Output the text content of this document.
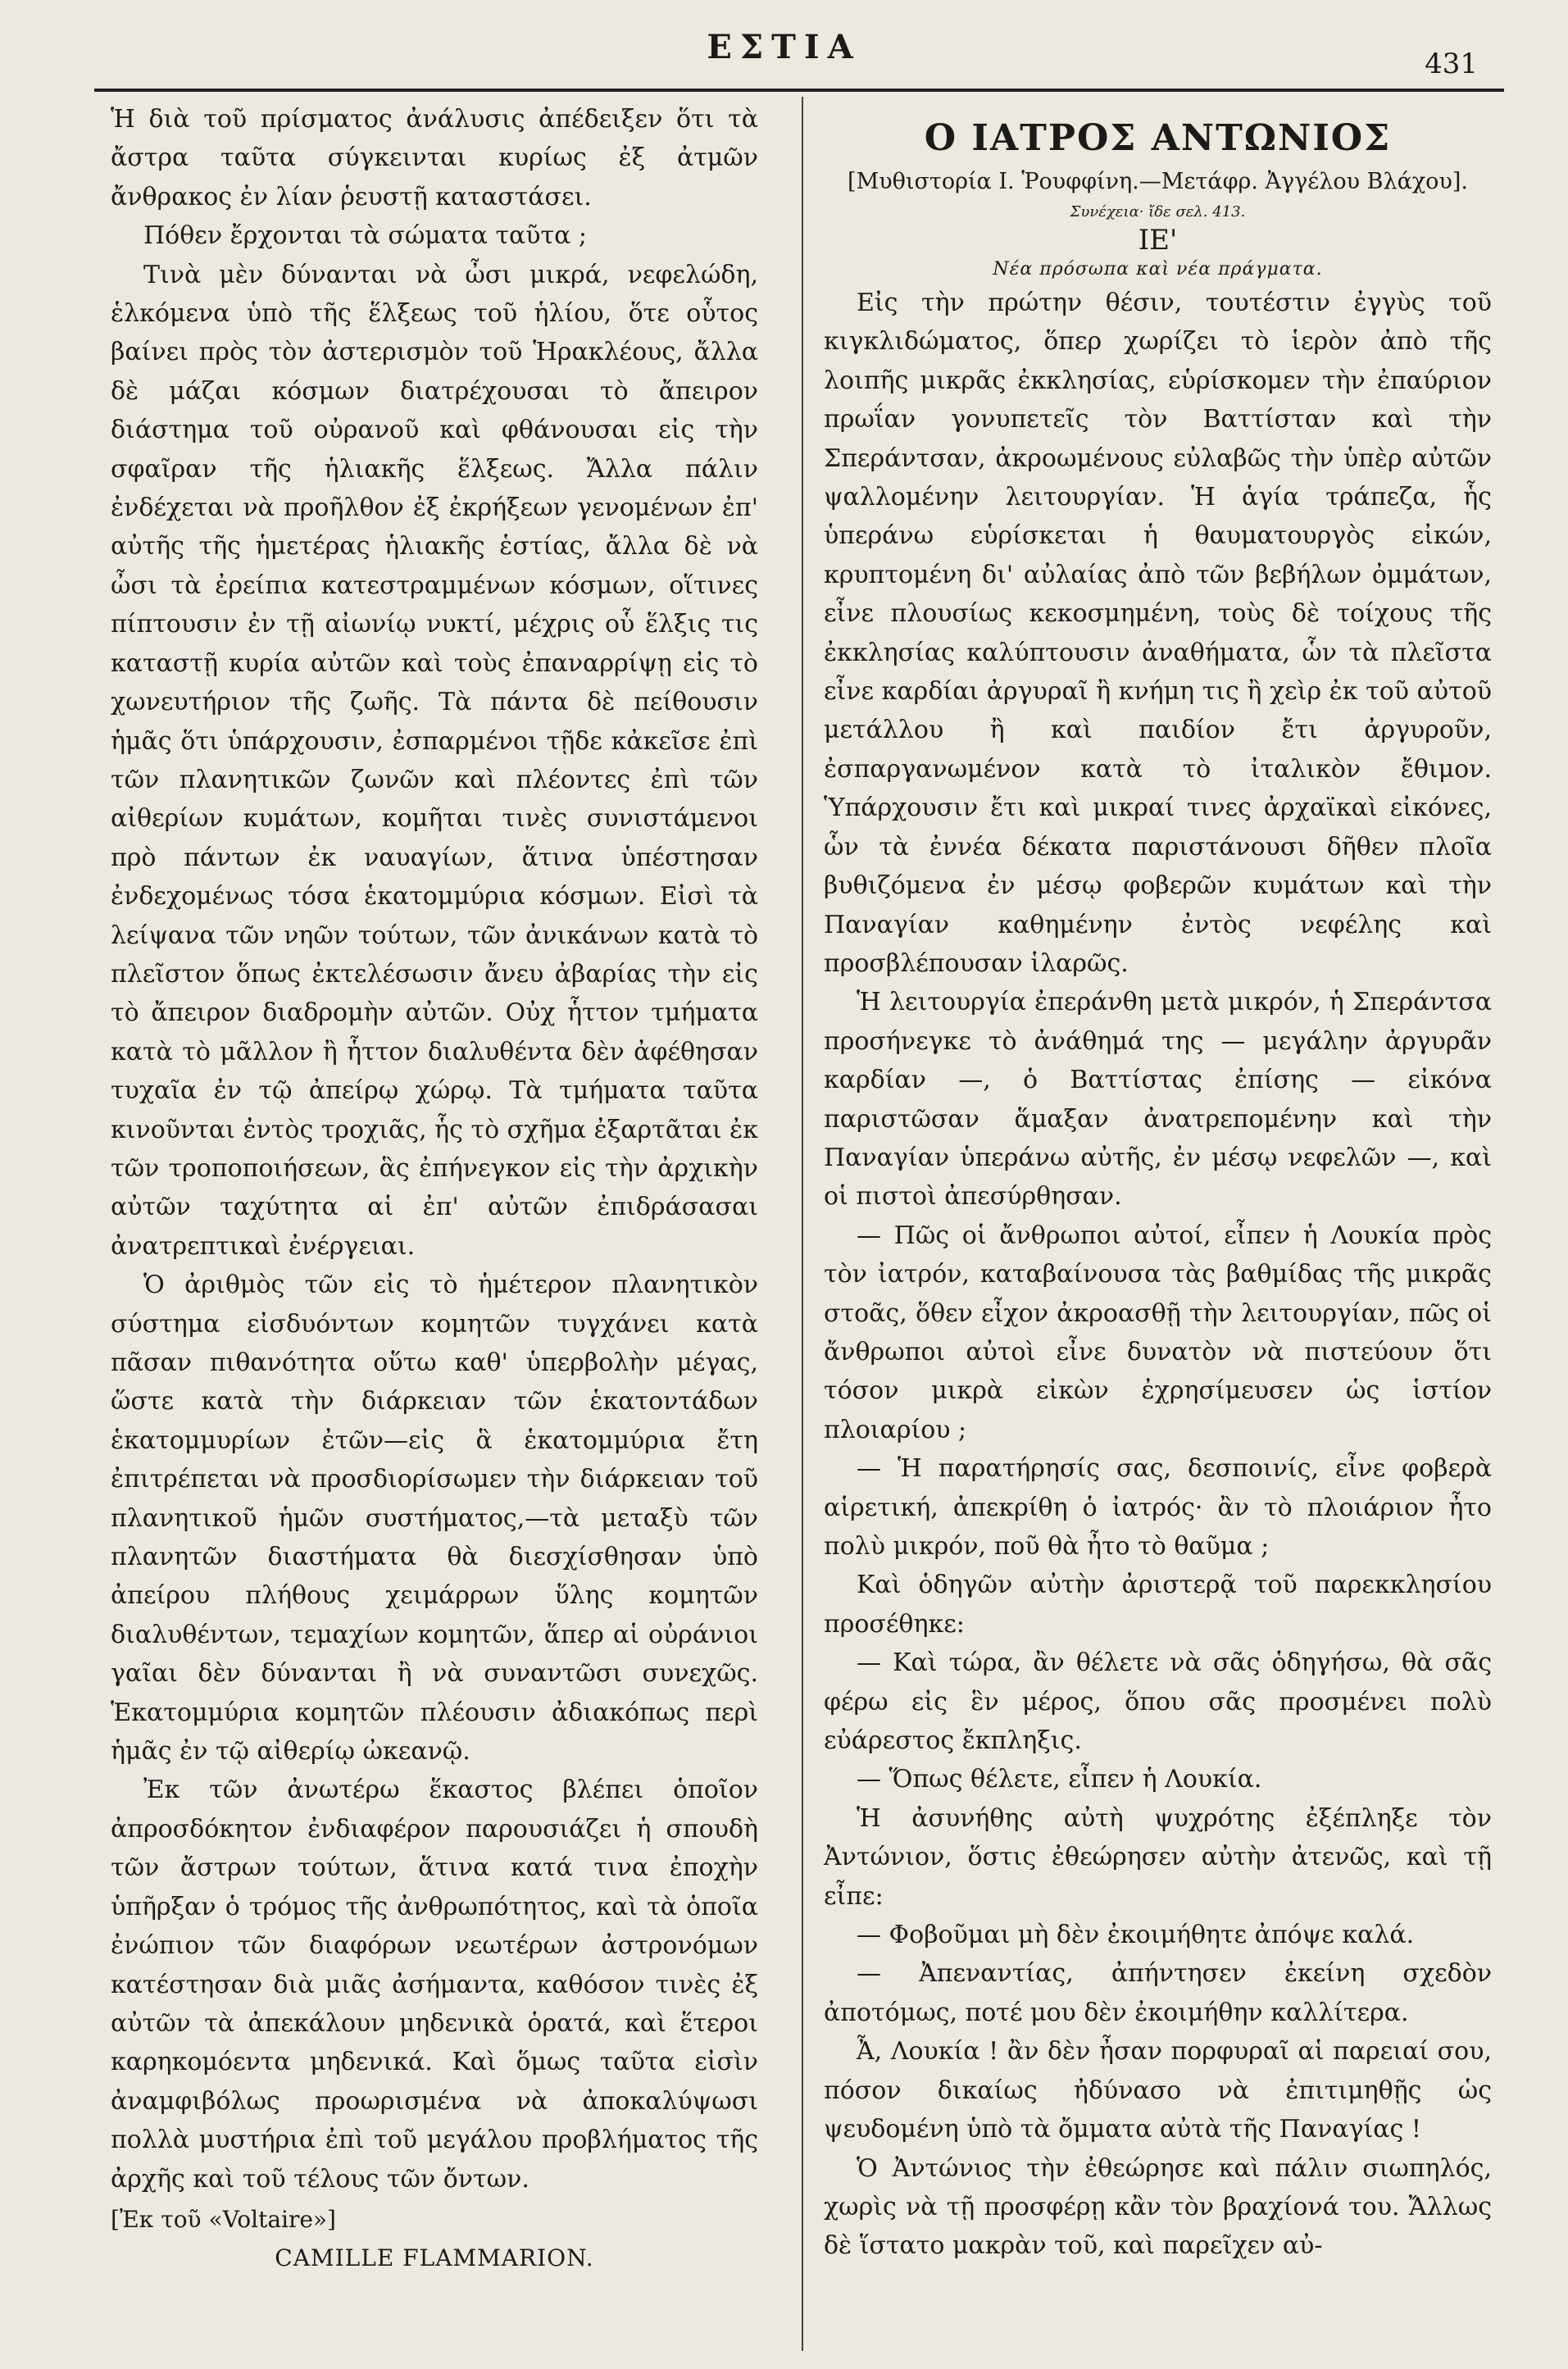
ΕΣΤΙΑ	431

Ἡ διὰ τοῦ πρίσματος ἀνάλυσις ἀπέδειξεν ὅτι τὰ ἄστρα ταῦτα σύγκεινται κυρίως ἐξ ἀτμῶν ἄνθρακος ἐν λίαν ῥευστῇ καταστάσει.

Πόθεν ἔρχονται τὰ σώματα ταῦτα ;

Τινὰ μὲν δύνανται νὰ ὦσι μικρά, νεφελώδη, ἑλκόμενα ὑπὸ τῆς ἕλξεως τοῦ ἡλίου, ὅτε οὗτος βαίνει πρὸς τὸν ἀστερισμὸν τοῦ Ἡρακλέους, ἄλλα δὲ μάζαι κόσμων διατρέχουσαι τὸ ἄπειρον διάστημα τοῦ οὐρανοῦ καὶ φθάνουσαι εἰς τὴν σφαῖραν τῆς ἡλιακῆς ἕλξεως. Ἄλλα πάλιν ἐνδέχεται νὰ προῆλθον ἐξ ἐκρήξεων γενομένων ἐπ' αὐτῆς τῆς ἡμετέρας ἡλιακῆς ἑστίας, ἄλλα δὲ νὰ ὦσι τὰ ἐρείπια κατεστραμμένων κόσμων, οἵτινες πίπτουσιν ἐν τῇ αἰωνίῳ νυκτί, μέχρις οὗ ἕλξις τις καταστῇ κυρία αὐτῶν καὶ τοὺς ἐπαναρρίψῃ εἰς τὸ χωνευτήριον τῆς ζωῆς. Τὰ πάντα δὲ πείθουσιν ἡμᾶς ὅτι ὑπάρχουσιν, ἐσπαρμένοι τῇδε κἀκεῖσε ἐπὶ τῶν πλανητικῶν ζωνῶν καὶ πλέοντες ἐπὶ τῶν αἰθερίων κυμάτων, κομῆται τινὲς συνιστάμενοι πρὸ πάντων ἐκ ναυαγίων, ἅτινα ὑπέστησαν ἐνδεχομένως τόσα ἑκατομμύρια κόσμων. Εἰσὶ τὰ λείψανα τῶν νηῶν τούτων, τῶν ἀνικάνων κατὰ τὸ πλεῖστον ὅπως ἐκτελέσωσιν ἄνευ ἀβαρίας τὴν εἰς τὸ ἄπειρον διαδρομὴν αὐτῶν. Οὐχ ἧττον τμήματα κατὰ τὸ μᾶλλον ἢ ἧττον διαλυθέντα δὲν ἀφέθησαν τυχαῖα ἐν τῷ ἀπείρῳ χώρῳ. Τὰ τμήματα ταῦτα κινοῦνται ἐντὸς τροχιᾶς, ἧς τὸ σχῆμα ἐξαρτᾶται ἐκ τῶν τροποποιήσεων, ἃς ἐπήνεγκον εἰς τὴν ἀρχικὴν αὐτῶν ταχύτητα αἱ ἐπ' αὐτῶν ἐπιδράσασαι ἀνατρεπτικαὶ ἐνέργειαι.

Ὁ ἀριθμὸς τῶν εἰς τὸ ἡμέτερον πλανητικὸν σύστημα εἰσδυόντων κομητῶν τυγχάνει κατὰ πᾶσαν πιθανότητα οὕτω καθ' ὑπερβολὴν μέγας, ὥστε κατὰ τὴν διάρκειαν τῶν ἑκατοντάδων ἑκατομμυρίων ἐτῶν—εἰς ἃ ἑκατομμύρια ἔτη ἐπιτρέπεται νὰ προσδιορίσωμεν τὴν διάρκειαν τοῦ πλανητικοῦ ἡμῶν συστήματος,—τὰ μεταξὺ τῶν πλανητῶν διαστήματα θὰ διεσχίσθησαν ὑπὸ ἀπείρου πλήθους χειμάρρων ὕλης κομητῶν διαλυθέντων, τεμαχίων κομητῶν, ἅπερ αἱ οὐράνιοι γαῖαι δὲν δύνανται ἢ νὰ συναντῶσι συνεχῶς. Ἑκατομμύρια κομητῶν πλέουσιν ἀδιακόπως περὶ ἡμᾶς ἐν τῷ αἰθερίῳ ὠκεανῷ.

Ἐκ τῶν ἀνωτέρω ἕκαστος βλέπει ὁποῖον ἀπροσδόκητον ἐνδιαφέρον παρουσιάζει ἡ σπουδὴ τῶν ἄστρων τούτων, ἅτινα κατά τινα ἐποχὴν ὑπῆρξαν ὁ τρόμος τῆς ἀνθρωπότητος, καὶ τὰ ὁποῖα ἐνώπιον τῶν διαφόρων νεωτέρων ἀστρονόμων κατέστησαν διὰ μιᾶς ἀσήμαντα, καθόσον τινὲς ἐξ αὐτῶν τὰ ἀπεκάλουν μηδενικὰ ὁρατά, καὶ ἕτεροι καρηκομόεντα μηδενικά. Καὶ ὅμως ταῦτα εἰσὶν ἀναμφιβόλως προωρισμένα νὰ ἀποκαλύψωσι πολλὰ μυστήρια ἐπὶ τοῦ μεγάλου προβλήματος τῆς ἀρχῆς καὶ τοῦ τέλους τῶν ὄντων.

[Ἐκ τοῦ «Voltaire»]
CAMILLE FLAMMARION.
Ο ΙΑΤΡΟΣ ΑΝΤΩΝΙΟΣ
[Μυθιστορία Ι. Ῥουφφίνη.—Μετάφρ. Ἀγγέλου Βλάχου].
Συνέχεια· ἴδε σελ. 413.
ΙΕ'
Νέα πρόσωπα καὶ νέα πράγματα.

Εἰς τὴν πρώτην θέσιν, τουτέστιν ἐγγὺς τοῦ κιγκλιδώματος, ὅπερ χωρίζει τὸ ἱερὸν ἀπὸ τῆς λοιπῆς μικρᾶς ἐκκλησίας, εὑρίσκομεν τὴν ἐπαύριον πρωΐαν γονυπετεῖς τὸν Βαττίσταν καὶ τὴν Σπεράντσαν, ἀκροωμένους εὐλαβῶς τὴν ὑπὲρ αὐτῶν ψαλλομένην λειτουργίαν. Ἡ ἁγία τράπεζα, ἧς ὑπεράνω εὑρίσκεται ἡ θαυματουργὸς εἰκών, κρυπτομένη δι' αὐλαίας ἀπὸ τῶν βεβήλων ὀμμάτων, εἶνε πλουσίως κεκοσμημένη, τοὺς δὲ τοίχους τῆς ἐκκλησίας καλύπτουσιν ἀναθήματα, ὧν τὰ πλεῖστα εἶνε καρδίαι ἀργυραῖ ἢ κνήμη τις ἢ χεὶρ ἐκ τοῦ αὐτοῦ μετάλλου ἢ καὶ παιδίον ἔτι ἀργυροῦν, ἐσπαργανωμένον κατὰ τὸ ἰταλικὸν ἔθιμον. Ὑπάρχουσιν ἔτι καὶ μικραί τινες ἀρχαϊκαὶ εἰκόνες, ὧν τὰ ἐννέα δέκατα παριστάνουσι δῆθεν πλοῖα βυθιζόμενα ἐν μέσῳ φοβερῶν κυμάτων καὶ τὴν Παναγίαν καθημένην ἐντὸς νεφέλης καὶ προσβλέπουσαν ἱλαρῶς.

Ἡ λειτουργία ἐπεράνθη μετὰ μικρόν, ἡ Σπεράντσα προσήνεγκε τὸ ἀνάθημά της — μεγάλην ἀργυρᾶν καρδίαν —, ὁ Βαττίστας ἐπίσης — εἰκόνα παριστῶσαν ἅμαξαν ἀνατρεπομένην καὶ τὴν Παναγίαν ὑπεράνω αὐτῆς, ἐν μέσῳ νεφελῶν —, καὶ οἱ πιστοὶ ἀπεσύρθησαν.

— Πῶς οἱ ἄνθρωποι αὐτοί, εἶπεν ἡ Λουκία πρὸς τὸν ἰατρόν, καταβαίνουσα τὰς βαθμίδας τῆς μικρᾶς στοᾶς, ὅθεν εἶχον ἀκροασθῇ τὴν λειτουργίαν, πῶς οἱ ἄνθρωποι αὐτοὶ εἶνε δυνατὸν νὰ πιστεύουν ὅτι τόσον μικρὰ εἰκὼν ἐχρησίμευσεν ὡς ἱστίον πλοιαρίου ;

— Ἡ παρατήρησίς σας, δεσποινίς, εἶνε φοβερὰ αἱρετική, ἀπεκρίθη ὁ ἰατρός· ἂν τὸ πλοιάριον ἦτο πολὺ μικρόν, ποῦ θὰ ἦτο τὸ θαῦμα ;

Καὶ ὁδηγῶν αὐτὴν ἀριστερᾷ τοῦ παρεκκλησίου προσέθηκε:

— Καὶ τώρα, ἂν θέλετε νὰ σᾶς ὁδηγήσω, θὰ σᾶς φέρω εἰς ἓν μέρος, ὅπου σᾶς προσμένει πολὺ εὐάρεστος ἔκπληξις.

— Ὅπως θέλετε, εἶπεν ἡ Λουκία.

Ἡ ἀσυνήθης αὐτὴ ψυχρότης ἐξέπληξε τὸν Ἀντώνιον, ὅστις ἐθεώρησεν αὐτὴν ἀτενῶς, καὶ τῇ εἶπε:

— Φοβοῦμαι μὴ δὲν ἐκοιμήθητε ἀπόψε καλά.

— Ἀπεναντίας, ἀπήντησεν ἐκείνη σχεδὸν ἀποτόμως, ποτέ μου δὲν ἐκοιμήθην καλλίτερα.

Ἆ, Λουκία ! ἂν δὲν ἦσαν πορφυραῖ αἱ παρειαί σου, πόσον δικαίως ἠδύνασο νὰ ἐπιτιμηθῇς ὡς ψευδομένη ὑπὸ τὰ ὄμματα αὐτὰ τῆς Παναγίας !

Ὁ Ἀντώνιος τὴν ἐθεώρησε καὶ πάλιν σιωπηλός, χωρὶς νὰ τῇ προσφέρῃ κἂν τὸν βραχίονά του. Ἄλλως δὲ ἵστατο μακρὰν τοῦ, καὶ παρεῖχεν αὐ-
